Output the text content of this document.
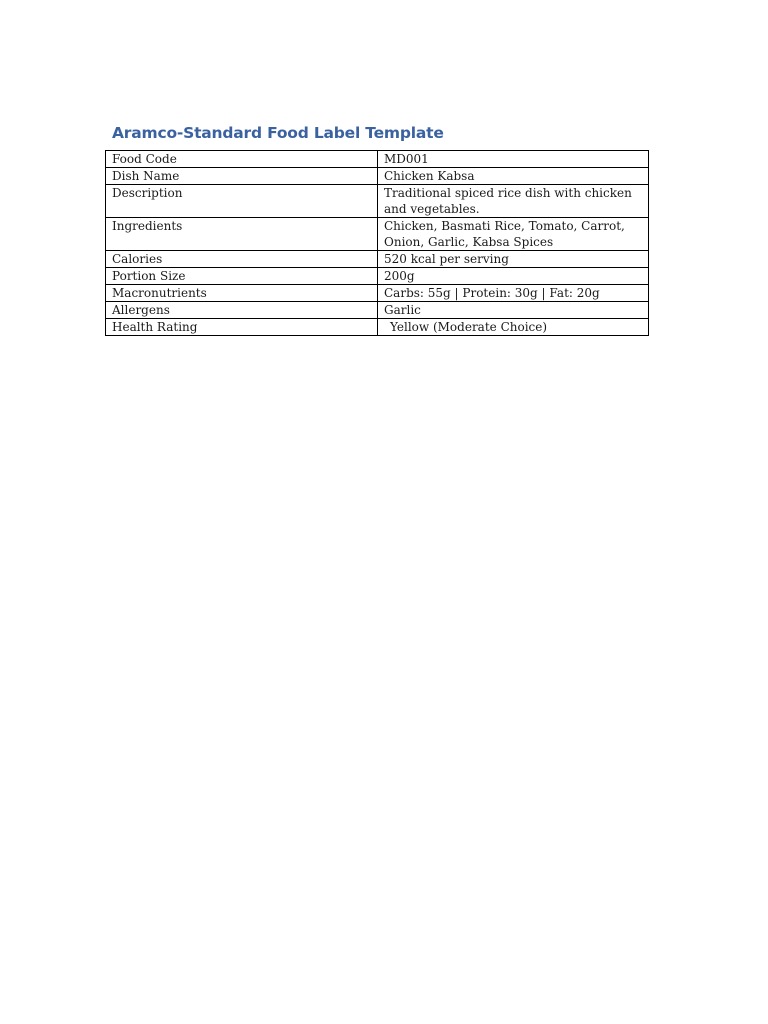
Aramco-Standard Food Label Template
Food Code	MD001
Dish Name	Chicken Kabsa
Description	Traditional spiced rice dish with chicken and vegetables.
Ingredients	Chicken, Basmati Rice, Tomato, Carrot, Onion, Garlic, Kabsa Spices
Calories	520 kcal per serving
Portion Size	200g
Macronutrients	Carbs: 55g | Protein: 30g | Fat: 20g
Allergens	Garlic
Health Rating	Yellow (Moderate Choice)
